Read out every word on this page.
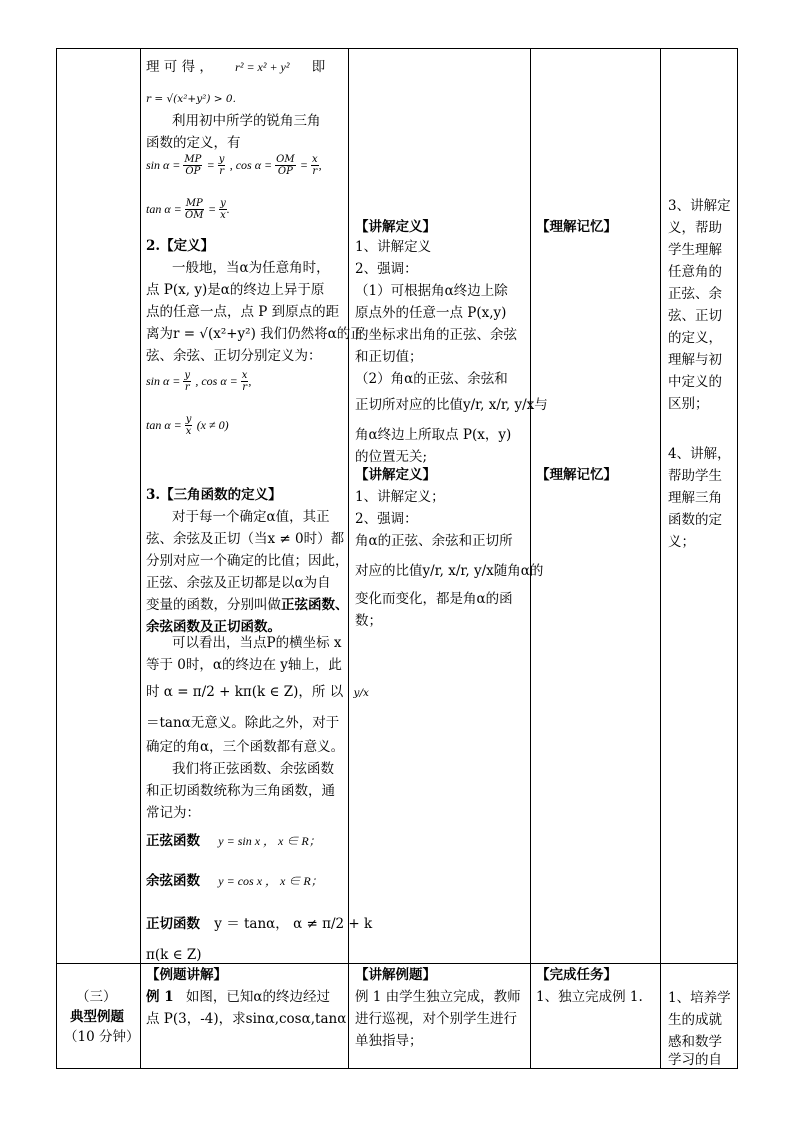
理 可 得 ， r² = x² + y² 即
r = √(x²+y²) > 0.
利用初中所学的锐角三角
函数的定义，有
$\sin \alpha = \frac{MP}{OP} = \frac{y}{r}$ , $\cos \alpha = \frac{OM}{OP} = \frac{x}{r}$ ,
$\tan \alpha = \frac{MP}{OM} = \frac{y}{x}$ .
2.【定义】
一般地，当α为任意角时，
点 P(x, y)是α的终边上异于原
点的任意一点，点 P 到原点的距
离为r = √(x²+y²) 我们仍然将α的正
弦、余弦、正切分别定义为：
$\sin \alpha = \frac{y}{r}$ , $\cos \alpha = \frac{x}{r}$ ,
$\tan \alpha = \frac{y}{x} (x \ne 0)$
3.【三角函数的定义】
对于每一个确定α值，其正
弦、余弦及正切（当x ≠ 0时）都
分别对应一个确定的比值；因此，
正弦、余弦及正切都是以α为自
变量的函数，分别叫做正弦函数、
余弦函数及正切函数。
可以看出，当点P的横坐标 x
等于 0时，α的终边在 y轴上，此
时 α = π/2 + kπ(k ∈ Z)，所 以 y/x
＝tanα无意义。除此之外，对于
确定的角α，三个函数都有意义。
我们将正弦函数、余弦函数
和正切函数统称为三角函数，通
常记为：
正弦函数 y = sin x ， x ∈ R；
余弦函数 y = cos x ， x ∈ R；
正切函数 y ＝ tanα， α ≠ π/2 + k
π(k ∈ Z)
【例题讲解】
例 1 如图，已知α的终边经过
点 P(3，-4)，求sinα,cosα,tanα
【讲解定义】
1、讲解定义
2、强调：
（1）可根据角α终边上除
原点外的任意一点 P(x,y)
的坐标求出角的正弦、余弦
和正切值；
（2）角α的正弦、余弦和
正切所对应的比值y/r, x/r, y/x与
角α终边上所取点 P(x，y)
的位置无关;
【讲解定义】
1、讲解定义；
2、强调：
角α的正弦、余弦和正切所
对应的比值y/r, x/r, y/x随角α的
变化而变化，都是角α的函
数；
【讲解例题】
例 1 由学生独立完成，教师
进行巡视，对个别学生进行
单独指导；
【理解记忆】
【理解记忆】
【完成任务】
1、独立完成例 1.
3、讲解定
义，帮助
学生理解
任意角的
正弦、余
弦、正切
的定义，
理解与初
中定义的
区别；
4、讲解，
帮助学生
理解三角
函数的定
义；
1、培养学
生的成就
感和数学
学习的自
（三）
典型例题
（10 分钟）
